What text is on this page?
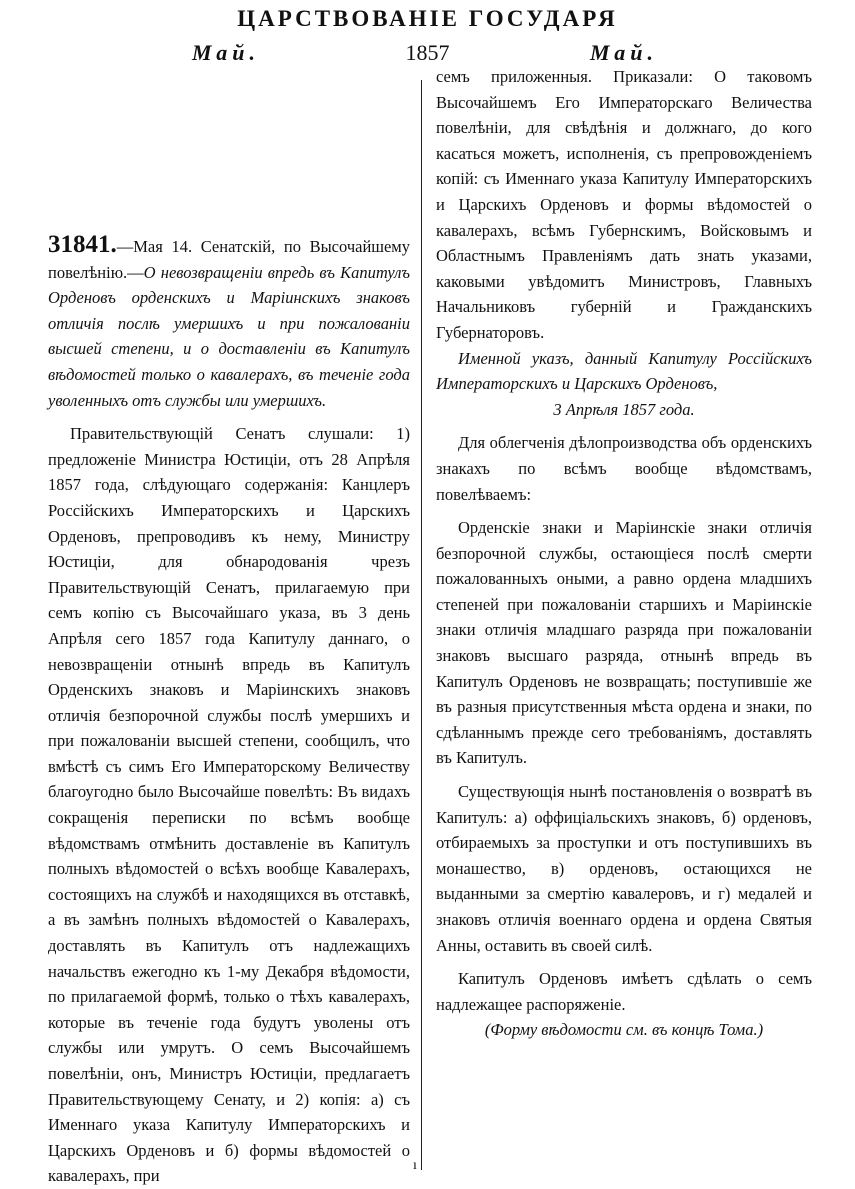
ЦАРСТВОВАНІЕ ГОСУДАРЯ
Май.	1857	Май.

31841.—Мая 14. Сенатскій, по Высочайшему повелѣнію.—О невозвращеніи впредь въ Капитулъ Орденовъ орденскихъ и Маріинскихъ знаковъ отличія послѣ умершихъ и при пожалованіи высшей степени, и о доставленіи въ Капитулъ вѣдомостей только о кавалерахъ, въ теченіе года уволенныхъ отъ службы или умершихъ.

Правительствующій Сенатъ слушали: 1) предложеніе Министра Юстиціи, отъ 28 Апрѣля 1857 года, слѣдующаго содержанія: Канцлеръ Россійскихъ Императорскихъ и Царскихъ Орденовъ, препроводивъ къ нему, Министру Юстиціи, для обнародованія чрезъ Правительствующій Сенатъ, прилагаемую при семъ копію съ Высочайшаго указа, въ 3 день Апрѣля сего 1857 года Капитулу даннаго, о невозвращеніи отнынѣ впредь въ Капитулъ Орденскихъ знаковъ и Маріинскихъ знаковъ отличія безпорочной службы послѣ умершихъ и при пожалованіи высшей степени, сообщилъ, что вмѣстѣ съ симъ Его Императорскому Величеству благоугодно было Высочайше повелѣть: Въ видахъ сокращенія переписки по всѣмъ вообще вѣдомствамъ отмѣнить доставленіе въ Капитулъ полныхъ вѣдомостей о всѣхъ вообще Кавалерахъ, состоящихъ на службѣ и находящихся въ отставкѣ, а въ замѣнъ полныхъ вѣдомостей о Кавалерахъ, доставлять въ Капитулъ отъ надлежащихъ начальствъ ежегодно къ 1-му Декабря вѣдомости, по прилагаемой формѣ, только о тѣхъ кавалерахъ, которые въ теченіе года будутъ уволены отъ службы или умрутъ. О семъ Высочайшемъ повелѣніи, онъ, Министръ Юстиціи, предлагаетъ Правительствующему Сенату, и 2) копія: а) съ Именнаго указа Капитулу Императорскихъ и Царскихъ Орденовъ и б) формы вѣдомостей о кавалерахъ, при

семъ приложенныя. Приказали: О таковомъ Высочайшемъ Его Императорскаго Величества повелѣніи, для свѣдѣнія и должнаго, до кого касаться можетъ, исполненія, съ препровожденіемъ копій: съ Именнаго указа Капитулу Императорскихъ и Царскихъ Орденовъ и формы вѣдомостей о кавалерахъ, всѣмъ Губернскимъ, Войсковымъ и Областнымъ Правленіямъ дать знать указами, каковыми увѣдомитъ Министровъ, Главныхъ Начальниковъ губерній и Гражданскихъ Губернаторовъ.

Именной указъ, данный Капитулу Россійскихъ Императорскихъ и Царскихъ Орденовъ,

3 Апрѣля 1857 года.

Для облегченія дѣлопроизводства объ орденскихъ знакахъ по всѣмъ вообще вѣдомствамъ, повелѣваемъ:

Орденскіе знаки и Маріинскіе знаки отличія безпорочной службы, остающіеся послѣ смерти пожалованныхъ оными, а равно ордена младшихъ степеней при пожалованіи старшихъ и Маріинскіе знаки отличія младшаго разряда при пожалованіи знаковъ высшаго разряда, отнынѣ впредь въ Капитулъ Орденовъ не возвращать; поступившіе же въ разныя присутственныя мѣста ордена и знаки, по сдѣланнымъ прежде сего требованіямъ, доставлять въ Капитулъ.

Существующія нынѣ постановленія о возвратѣ въ Капитулъ: а) оффиціальскихъ знаковъ, б) орденовъ, отбираемыхъ за проступки и отъ поступившихъ въ монашество, в) орденовъ, остающихся не выданными за смертію кавалеровъ, и г) медалей и знаковъ отличія военнаго ордена и ордена Святыя Анны, оставить въ своей силѣ.

Капитулъ Орденовъ имѣетъ сдѣлать о семъ надлежащее распоряженіе.

(Форму вѣдомости см. въ концѣ Тома.)

ı
